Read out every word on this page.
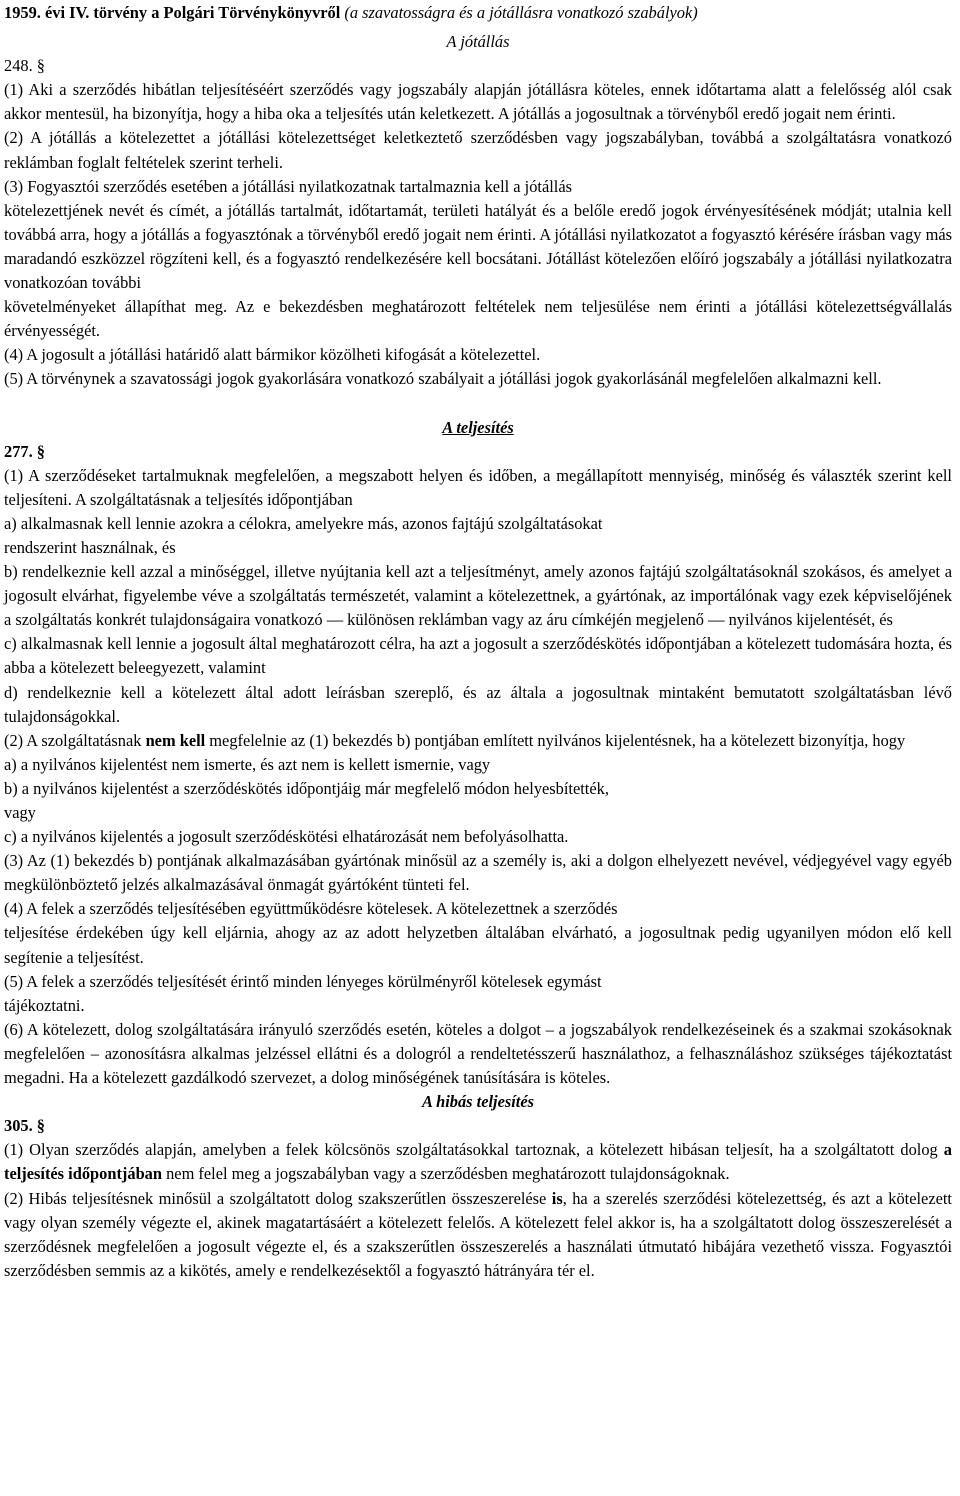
1959. évi IV. törvény a Polgári Törvénykönyvről (a szavatosságra és a jótállásra vonatkozó szabályok)
A jótállás
248. §

(1) Aki a szerződés hibátlan teljesítéséért szerződés vagy jogszabály alapján jótállásra köteles, ennek időtartama alatt a felelősség alól csak akkor mentesül, ha bizonyítja, hogy a hiba oka a teljesítés után keletkezett. A jótállás a jogosultnak a törvényből eredő jogait nem érinti.

(2) A jótállás a kötelezettet a jótállási kötelezettséget keletkeztető szerződésben vagy jogszabályban, továbbá a szolgáltatásra vonatkozó reklámban foglalt feltételek szerint terheli.

(3) Fogyasztói szerződés esetében a jótállási nyilatkozatnak tartalmaznia kell a jótállás

kötelezettjének nevét és címét, a jótállás tartalmát, időtartamát, területi hatályát és a belőle eredő jogok érvényesítésének módját; utalnia kell továbbá arra, hogy a jótállás a fogyasztónak a törvényből eredő jogait nem érinti. A jótállási nyilatkozatot a fogyasztó kérésére írásban vagy más maradandó eszközzel rögzíteni kell, és a fogyasztó rendelkezésére kell bocsátani. Jótállást kötelezően előíró jogszabály a jótállási nyilatkozatra vonatkozóan további

követelményeket állapíthat meg. Az e bekezdésben meghatározott feltételek nem teljesülése nem érinti a jótállási kötelezettségvállalás érvényességét.

(4) A jogosult a jótállási határidő alatt bármikor közölheti kifogását a kötelezettel.

(5) A törvénynek a szavatossági jogok gyakorlására vonatkozó szabályait a jótállási jogok gyakorlásánál megfelelően alkalmazni kell.

A teljesítés
277. §

(1) A szerződéseket tartalmuknak megfelelően, a megszabott helyen és időben, a megállapított mennyiség, minőség és választék szerint kell teljesíteni. A szolgáltatásnak a teljesítés időpontjában

a) alkalmasnak kell lennie azokra a célokra, amelyekre más, azonos fajtájú szolgáltatásokat

rendszerint használnak, és

b) rendelkeznie kell azzal a minőséggel, illetve nyújtania kell azt a teljesítményt, amely azonos fajtájú szolgáltatásoknál szokásos, és amelyet a jogosult elvárhat, figyelembe véve a szolgáltatás természetét, valamint a kötelezettnek, a gyártónak, az importálónak vagy ezek képviselőjének a szolgáltatás konkrét tulajdonságaira vonatkozó — különösen reklámban vagy az áru címkéjén megjelenő — nyilvános kijelentését, és

c) alkalmasnak kell lennie a jogosult által meghatározott célra, ha azt a jogosult a szerződéskötés időpontjában a kötelezett tudomására hozta, és abba a kötelezett beleegyezett, valamint

d) rendelkeznie kell a kötelezett által adott leírásban szereplő, és az általa a jogosultnak mintaként bemutatott szolgáltatásban lévő tulajdonságokkal.

(2) A szolgáltatásnak nem kell megfelelnie az (1) bekezdés b) pontjában említett nyilvános kijelentésnek, ha a kötelezett bizonyítja, hogy

a) a nyilvános kijelentést nem ismerte, és azt nem is kellett ismernie, vagy

b) a nyilvános kijelentést a szerződéskötés időpontjáig már megfelelő módon helyesbítették,

vagy

c) a nyilvános kijelentés a jogosult szerződéskötési elhatározását nem befolyásolhatta.

(3) Az (1) bekezdés b) pontjának alkalmazásában gyártónak minősül az a személy is, aki a dolgon elhelyezett nevével, védjegyével vagy egyéb megkülönböztető jelzés alkalmazásával önmagát gyártóként tünteti fel.

(4) A felek a szerződés teljesítésében együttműködésre kötelesek. A kötelezettnek a szerződés

teljesítése érdekében úgy kell eljárnia, ahogy az az adott helyzetben általában elvárható, a jogosultnak pedig ugyanilyen módon elő kell segítenie a teljesítést.

(5) A felek a szerződés teljesítését érintő minden lényeges körülményről kötelesek egymást

tájékoztatni.

(6) A kötelezett, dolog szolgáltatására irányuló szerződés esetén, köteles a dolgot – a jogszabályok rendelkezéseinek és a szakmai szokásoknak megfelelően – azonosításra alkalmas jelzéssel ellátni és a dologról a rendeltetésszerű használathoz, a felhasználáshoz szükséges tájékoztatást megadni. Ha a kötelezett gazdálkodó szervezet, a dolog minőségének tanúsítására is köteles.

A hibás teljesítés
305. §

(1) Olyan szerződés alapján, amelyben a felek kölcsönös szolgáltatásokkal tartoznak, a kötelezett hibásan teljesít, ha a szolgáltatott dolog a teljesítés időpontjában nem felel meg a jogszabályban vagy a szerződésben meghatározott tulajdonságoknak.

(2) Hibás teljesítésnek minősül a szolgáltatott dolog szakszerűtlen összeszerelése is, ha a szerelés szerződési kötelezettség, és azt a kötelezett vagy olyan személy végezte el, akinek magatartásáért a kötelezett felelős. A kötelezett felel akkor is, ha a szolgáltatott dolog összeszerelését a szerződésnek megfelelően a jogosult végezte el, és a szakszerűtlen összeszerelés a használati útmutató hibájára vezethető vissza. Fogyasztói szerződésben semmis az a kikötés, amely e rendelkezésektől a fogyasztó hátrányára tér el.
